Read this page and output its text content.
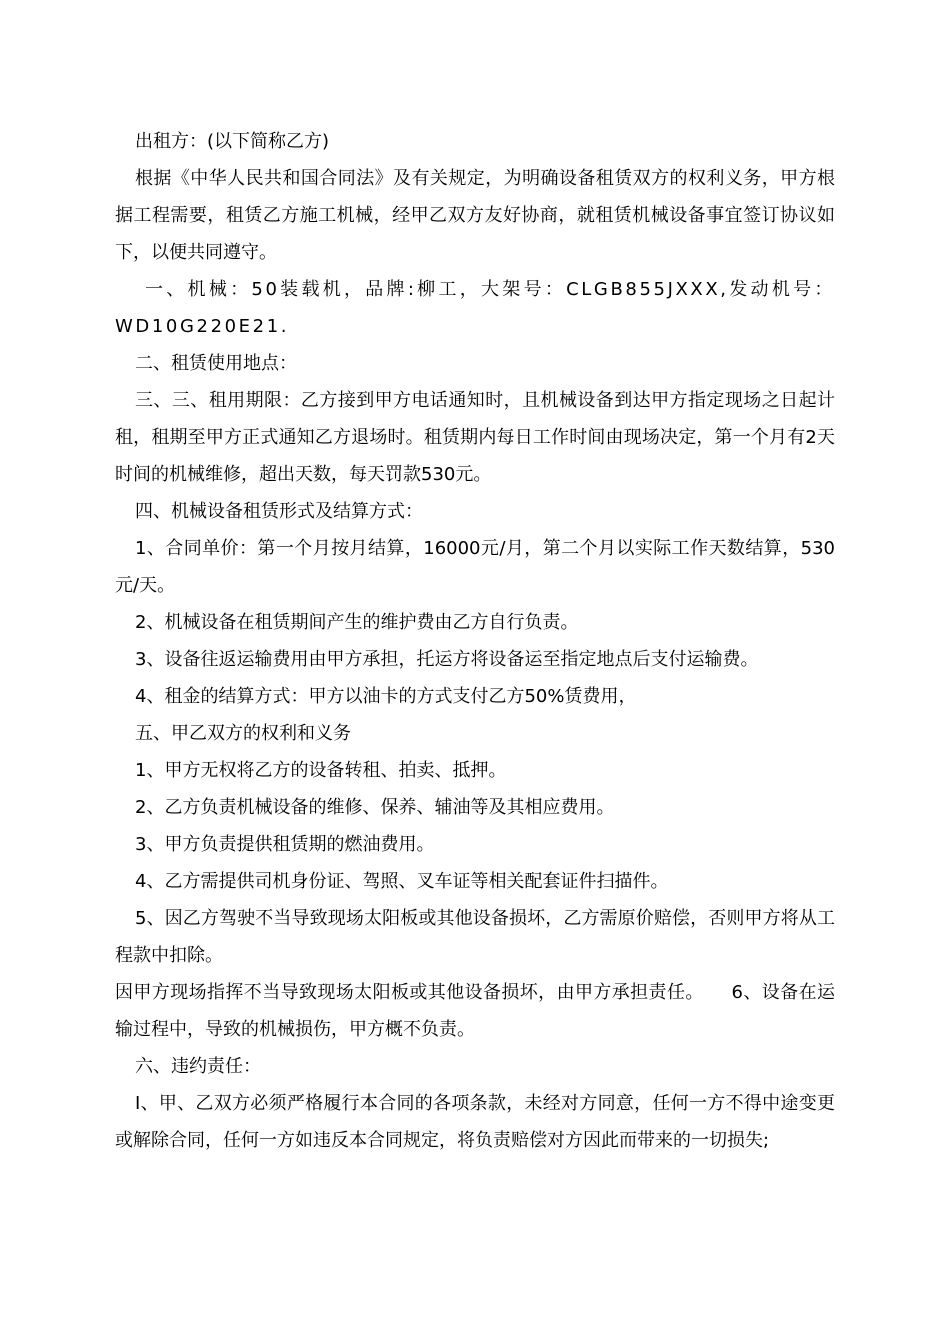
出租方：(以下简称乙方)

根据《中华人民共和国合同法》及有关规定，为明确设备租赁双方的权利义务，甲方根据工程需要，租赁乙方施工机械，经甲乙双方友好协商，就租赁机械设备事宜签订协议如下，以便共同遵守。

一、机械：50装载机，品牌:柳工，大架号：CLGB855JXXX,发动机号：WD10G220E21.

二、租赁使用地点：

三、三、租用期限：乙方接到甲方电话通知时，且机械设备到达甲方指定现场之日起计租，租期至甲方正式通知乙方退场时。租赁期内每日工作时间由现场决定，第一个月有2天时间的机械维修，超出天数，每天罚款530元。

四、机械设备租赁形式及结算方式：

1、合同单价：第一个月按月结算，16000元/月，第二个月以实际工作天数结算，530元/天。

2、机械设备在租赁期间产生的维护费由乙方自行负责。

3、设备往返运输费用由甲方承担，托运方将设备运至指定地点后支付运输费。

4、租金的结算方式：甲方以油卡的方式支付乙方50%赁费用，

五、甲乙双方的权利和义务

1、甲方无权将乙方的设备转租、拍卖、抵押。

2、乙方负责机械设备的维修、保养、辅油等及其相应费用。

3、甲方负责提供租赁期的燃油费用。

4、乙方需提供司机身份证、驾照、叉车证等相关配套证件扫描件。

5、因乙方驾驶不当导致现场太阳板或其他设备损坏，乙方需原价赔偿，否则甲方将从工程款中扣除。

因甲方现场指挥不当导致现场太阳板或其他设备损坏，由甲方承担责任。　　6、设备在运输过程中，导致的机械损伤，甲方概不负责。

六、违约责任：

Ⅰ、甲、乙双方必须严格履行本合同的各项条款，未经对方同意，任何一方不得中途变更或解除合同，任何一方如违反本合同规定，将负责赔偿对方因此而带来的一切损失;
